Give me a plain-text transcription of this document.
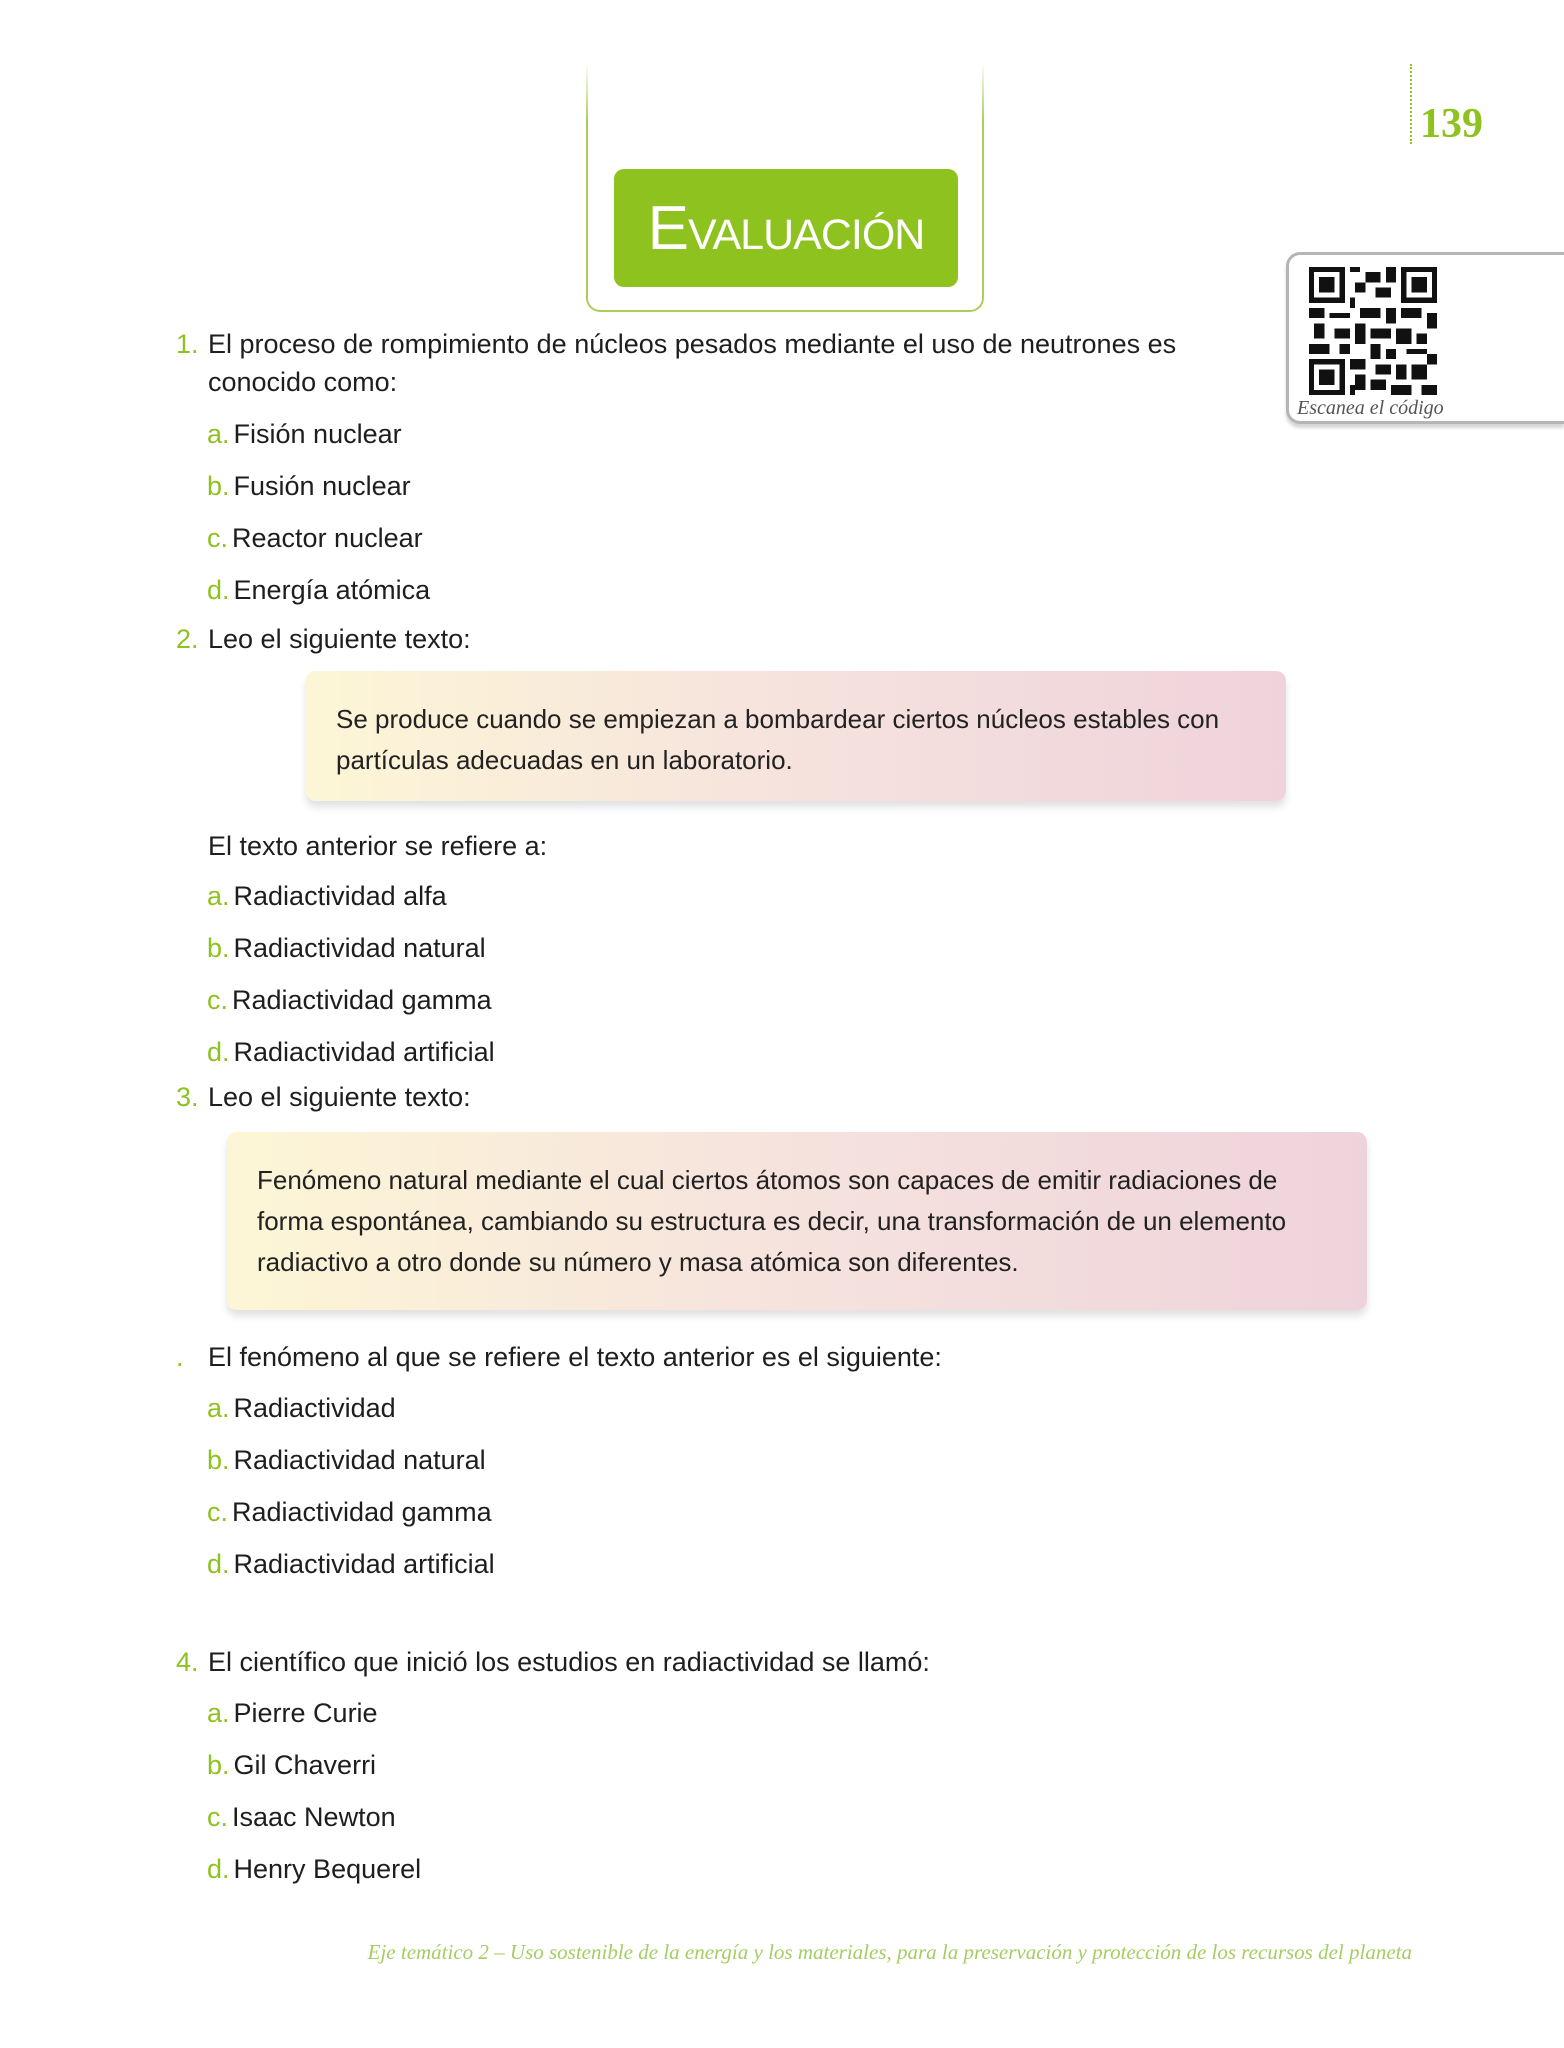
Evaluación
139
Escanea el código
1. El proceso de rompimiento de núcleos pesados mediante el uso de neutrones es conocido como:
a. Fisión nuclear
b. Fusión nuclear
c. Reactor nuclear
d. Energía atómica
2. Leo el siguiente texto:
Se produce cuando se empiezan a bombardear ciertos núcleos estables con partículas adecuadas en un laboratorio.
El texto anterior se refiere a:
a. Radiactividad alfa
b. Radiactividad natural
c. Radiactividad gamma
d. Radiactividad artificial
3. Leo el siguiente texto:
Fenómeno natural mediante el cual ciertos átomos son capaces de emitir radiaciones de forma espontánea, cambiando su estructura es decir, una transformación de un elemento radiactivo a otro donde su número y masa atómica son diferentes.
. El fenómeno al que se refiere el texto anterior es el siguiente:
a. Radiactividad
b. Radiactividad natural
c. Radiactividad gamma
d. Radiactividad artificial
4. El científico que inició los estudios en radiactividad se llamó:
a. Pierre Curie
b. Gil Chaverri
c. Isaac Newton
d. Henry Bequerel
Eje temático 2 – Uso sostenible de la energía y los materiales, para la preservación y protección de los recursos del planeta
